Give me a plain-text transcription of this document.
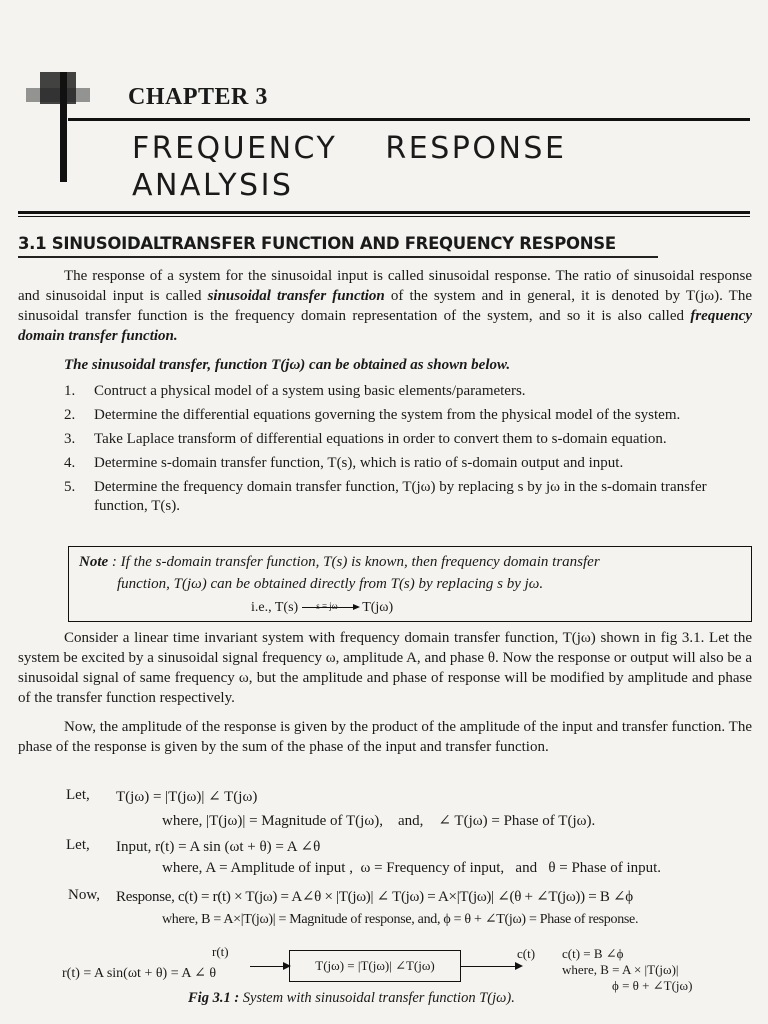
CHAPTER 3
FREQUENCY    RESPONSE
ANALYSIS
3.1 SINUSOIDALTRANSFER FUNCTION AND FREQUENCY RESPONSE

The response of a system for the sinusoidal input is called sinusoidal response. The ratio of sinusoidal response and sinusoidal input is called sinusoidal transfer function of the system and in general, it is denoted by T(jω). The sinusoidal transfer function is the frequency domain representation of the system, and so it is also called frequency domain transfer function.

The sinusoidal transfer, function T(jω) can be obtained as shown below.
1. Contruct a physical model of a system using basic elements/parameters.
2. Determine the differential equations governing the system from the physical model of the system.
3. Take Laplace transform of differential equations in order to convert them to s-domain equation.
4. Determine s-domain transfer function, T(s), which is ratio of s-domain output and input.
5. Determine the frequency domain transfer function, T(jω) by replacing s by jω in the s-domain transfer function, T(s).
Note : If the s-domain transfer function, T(s) is known, then frequency domain transfer
function, T(jω) can be obtained directly from T(s) by replacing s by jω.
i.e., T(s) s = jω T(jω)

Consider a linear time invariant system with frequency domain transfer function, T(jω) shown in fig 3.1. Let the system be excited by a sinusoidal signal frequency ω, amplitude A, and phase θ. Now the response or output will also be a sinusoidal signal of same frequency ω, but the amplitude and phase of response will be modified by amplitude and phase of the transfer function respectively.

Now, the amplitude of the response is given by the product of the amplitude of the input and transfer function. The phase of the response is given by the sum of the phase of the input and transfer function.

Let, T(jω) = |T(jω)| ∠ T(jω)
where, |T(jω)| = Magnitude of T(jω),    and,    ∠ T(jω) = Phase of T(jω).
Let, Input, r(t) = A sin (ωt + θ) = A ∠θ
where, A = Amplitude of input ,  ω = Frequency of input,   and   θ = Phase of input.
Now, Response, c(t) = r(t) × T(jω) = A∠θ × |T(jω)| ∠ T(jω) = A×|T(jω)| ∠(θ + ∠T(jω)) = B ∠ϕ
where, B = A×|T(jω)| = Magnitude of response, and, ϕ = θ + ∠T(jω) = Phase of response.
r(t)
r(t) = A sin(ωt + θ) = A ∠ θ
T(jω) = |T(jω)| ∠T(jω)
c(t) c(t) = B ∠ϕ
where, B = A × |T(jω)|
ϕ = θ + ∠T(jω)
Fig 3.1 : System with sinusoidal transfer function T(jω).
